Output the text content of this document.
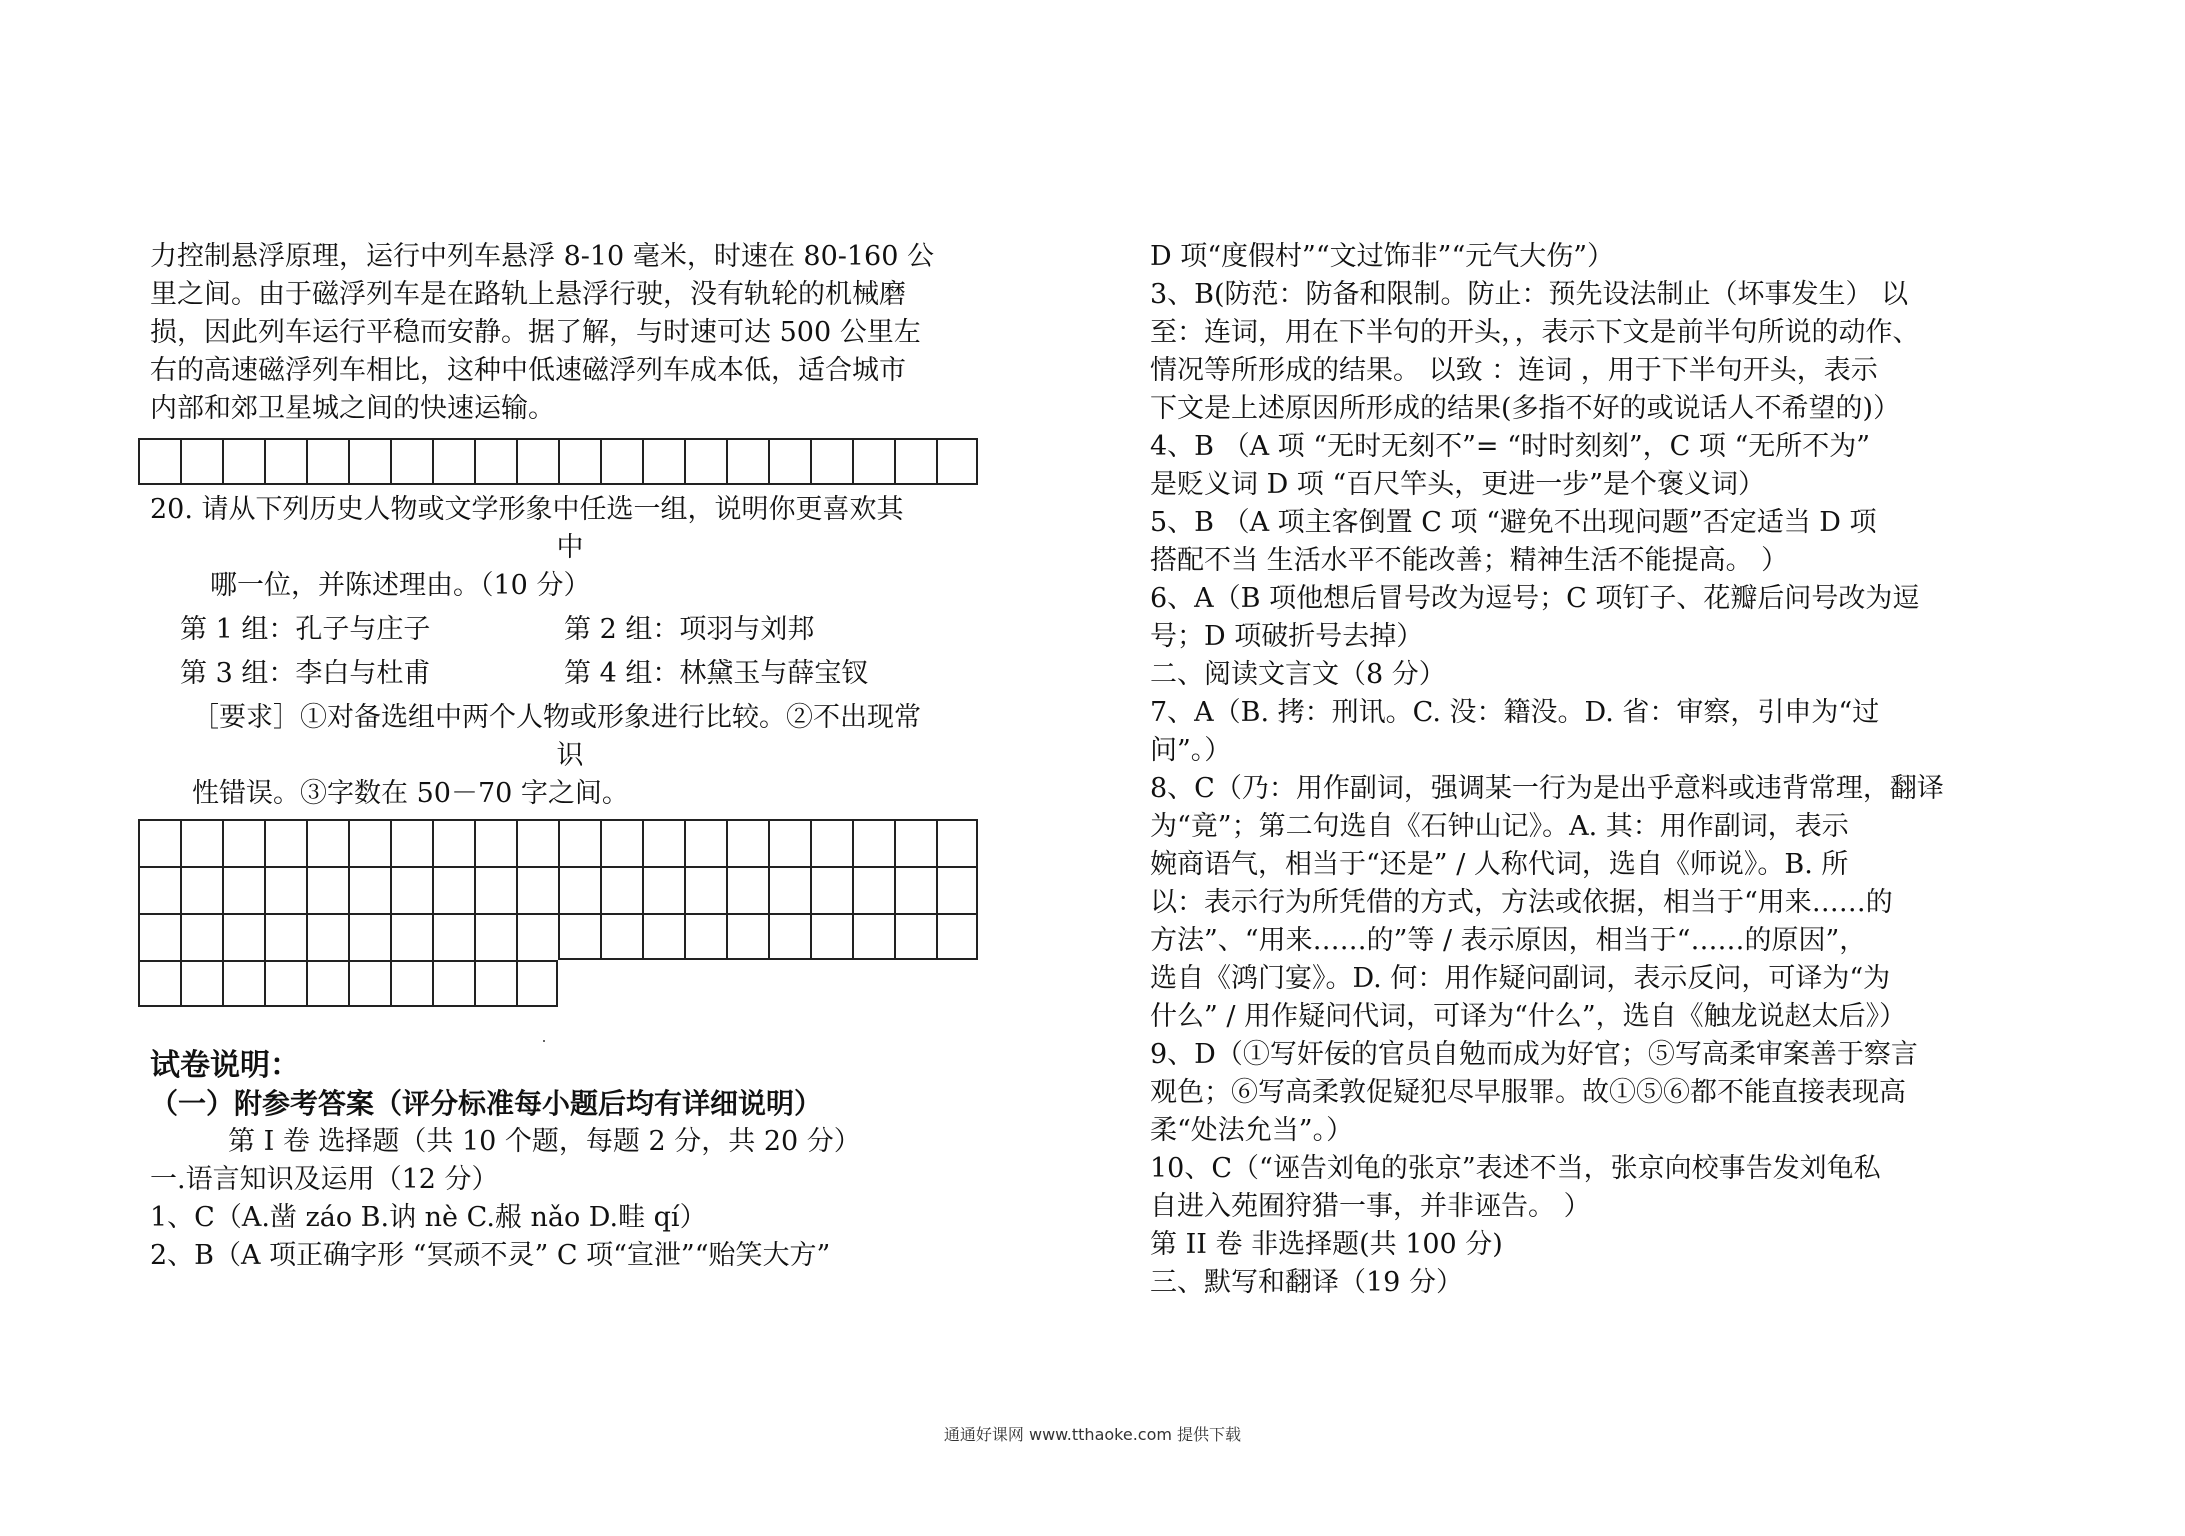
力控制悬浮原理，运行中列车悬浮 8-10 毫米，时速在 80-160 公
里之间。由于磁浮列车是在路轨上悬浮行驶，没有轨轮的机械磨
损，因此列车运行平稳而安静。据了解，与时速可达 500 公里左
右的高速磁浮列车相比，这种中低速磁浮列车成本低，适合城市
内部和郊卫星城之间的快速运输。
20. 请从下列历史人物或文学形象中任选一组，说明你更喜欢其
中
哪一位，并陈述理由。（10 分）
第 1 组：孔子与庄子	第 2 组：项羽与刘邦
第 3 组：李白与杜甫	第 4 组：林黛玉与薛宝钗
［要求］①对备选组中两个人物或形象进行比较。②不出现常
识
性错误。③字数在 50－70 字之间。
试卷说明：
（一）附参考答案（评分标准每小题后均有详细说明）
第 I 卷 选择题（共 10 个题，每题 2 分，共 20 分）
一.语言知识及运用（12 分）
1、C（A.凿 záo B.讷 nè C.赧 nǎo D.畦 qí）
2、B（A 项正确字形 “冥顽不灵” C 项“宣泄”“贻笑大方”
D 项“度假村”“文过饰非”“元气大伤”）
3、B(防范：防备和限制。防止：预先设法制止（坏事发生） 以
至：连词，用在下半句的开头，，表示下文是前半句所说的动作、
情况等所形成的结果。 以致 ：连词 ，用于下半句开头，表示
下文是上述原因所形成的结果(多指不好的或说话人不希望的)）
4、B （A 项 “无时无刻不”= “时时刻刻”，C 项 “无所不为”
是贬义词 D 项 “百尺竿头，更进一步”是个褒义词）
5、B （A 项主客倒置 C 项 “避免不出现问题”否定适当 D 项
搭配不当 生活水平不能改善；精神生活不能提高。 ）
6、A（B 项他想后冒号改为逗号；C 项钉子、花瓣后问号改为逗
号；D 项破折号去掉）
二、阅读文言文（8 分）
7、A（B. 拷：刑讯。C. 没：籍没。D. 省：审察，引申为“过
问”。）
8、C（乃：用作副词，强调某一行为是出乎意料或违背常理，翻译
为“竟”；第二句选自《石钟山记》。A. 其：用作副词，表示
婉商语气，相当于“还是” / 人称代词，选自《师说》。B. 所
以：表示行为所凭借的方式，方法或依据，相当于“用来……的
方法”、“用来……的”等 / 表示原因，相当于“……的原因”，
选自《鸿门宴》。D. 何：用作疑问副词，表示反问，可译为“为
什么” / 用作疑问代词，可译为“什么”，选自《触龙说赵太后》）
9、D（①写奸佞的官员自勉而成为好官；⑤写高柔审案善于察言
观色；⑥写高柔敦促疑犯尽早服罪。故①⑤⑥都不能直接表现高
柔“处法允当”。）
10、C（“诬告刘龟的张京”表述不当，张京向校事告发刘龟私
自进入苑囿狩猎一事，并非诬告。 ）
第 II 卷 非选择题(共 100 分)
三、默写和翻译（19 分）
通通好课网 www.tthaoke.com 提供下载
